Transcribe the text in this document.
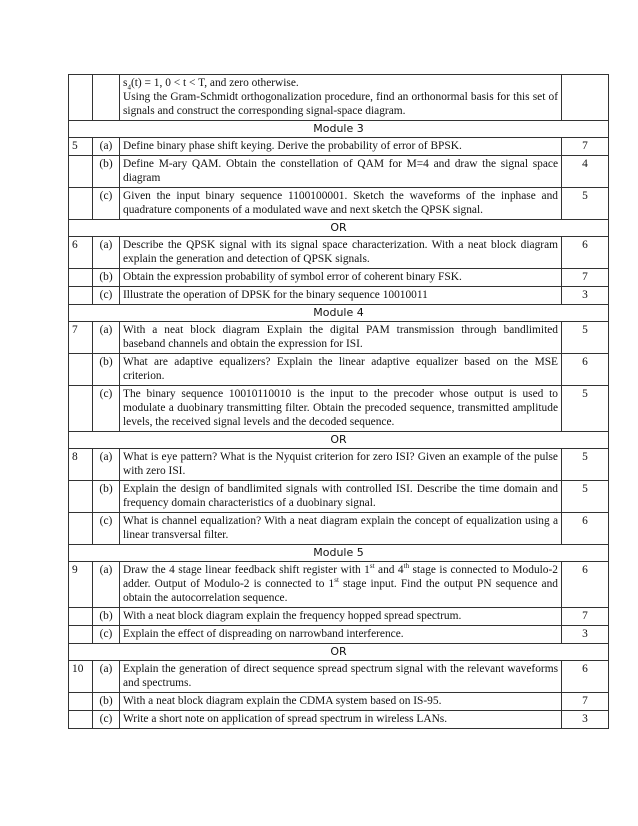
		$s_4(t) = 1$, 0 < t < T, and zero otherwise.
Using the Gram-Schmidt orthogonalization procedure, find an orthonormal basis for this set of signals and construct the corresponding signal-space diagram.	
Module 3			
5	(a)	Define binary phase shift keying. Derive the probability of error of BPSK.	7
	(b)	Define M-ary QAM. Obtain the constellation of QAM for M=4 and draw the signal space diagram	4
	(c)	Given the input binary sequence 1100100001. Sketch the waveforms of the inphase and quadrature components of a modulated wave and next sketch the QPSK signal.	5
OR			
6	(a)	Describe the QPSK signal with its signal space characterization. With a neat block diagram explain the generation and detection of QPSK signals.	6
	(b)	Obtain the expression probability of symbol error of coherent binary FSK.	7
	(c)	Illustrate the operation of DPSK for the binary sequence 10010011	3
Module 4			
7	(a)	With a neat block diagram Explain the digital PAM transmission through bandlimited baseband channels and obtain the expression for ISI.	5
	(b)	What are adaptive equalizers? Explain the linear adaptive equalizer based on the MSE criterion.	6
	(c)	The binary sequence 10010110010 is the input to the precoder whose output is used to modulate a duobinary transmitting filter. Obtain the precoded sequence, transmitted amplitude levels, the received signal levels and the decoded sequence.	5
OR			
8	(a)	What is eye pattern? What is the Nyquist criterion for zero ISI? Given an example of the pulse with zero ISI.	5
	(b)	Explain the design of bandlimited signals with controlled ISI. Describe the time domain and frequency domain characteristics of a duobinary signal.	5
	(c)	What is channel equalization? With a neat diagram explain the concept of equalization using a linear transversal filter.	6
Module 5			
9	(a)	Draw the 4 stage linear feedback shift register with 1st and 4th stage is connected to Modulo-2 adder. Output of Modulo-2 is connected to 1st stage input. Find the output PN sequence and obtain the autocorrelation sequence.	6
	(b)	With a neat block diagram explain the frequency hopped spread spectrum.	7
	(c)	Explain the effect of dispreading on narrowband interference.	3
OR			
10	(a)	Explain the generation of direct sequence spread spectrum signal with the relevant waveforms and spectrums.	6
	(b)	With a neat block diagram explain the CDMA system based on IS-95.	7
	(c)	Write a short note on application of spread spectrum in wireless LANs.	3
